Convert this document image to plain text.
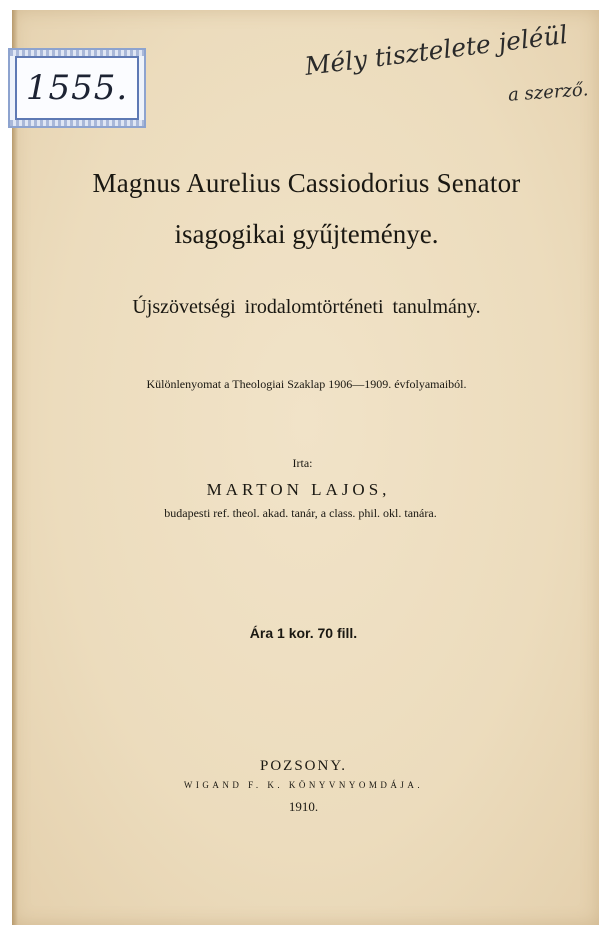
1555.
Mély tisztelete jeléül
a szerző.
Magnus Aurelius Cassiodorius Senator
isagogikai gyűjteménye.
Újszövetségi irodalomtörténeti tanulmány.
Különlenyomat a Theologiai Szaklap 1906—1909. évfolyamaiból.
Irta:
MARTON LAJOS,
budapesti ref. theol. akad. tanár, a class. phil. okl. tanára.
Ára 1 kor. 70 fill.
POZSONY.
WIGAND F. K. KÖNYVNYOMDÁJA.
1910.
